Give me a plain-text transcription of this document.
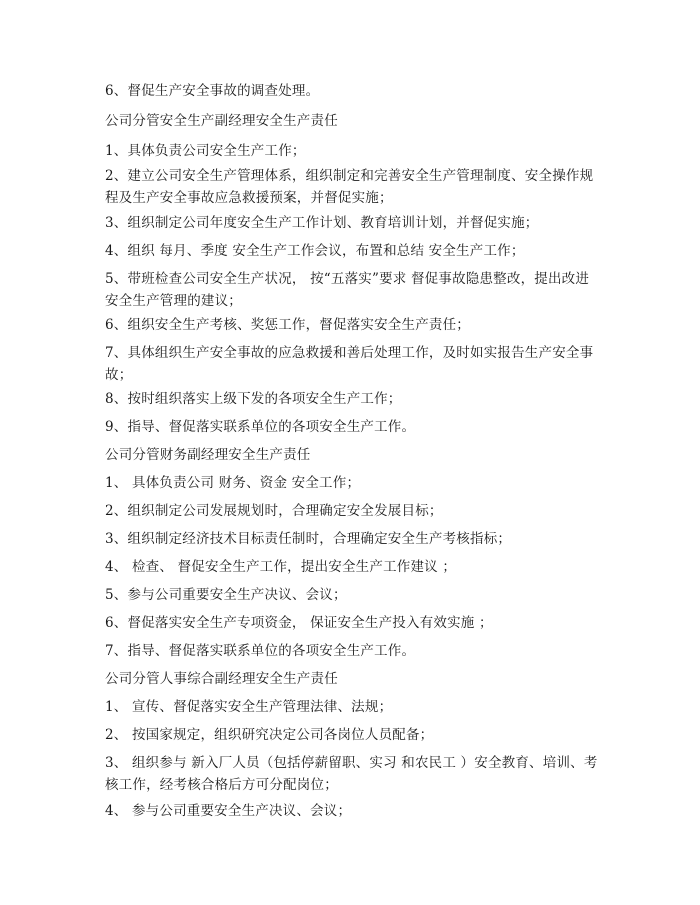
6、督促生产安全事故的调查处理。
公司分管安全生产副经理安全生产责任
1、具体负责公司安全生产工作；
2、建立公司安全生产管理体系，组织制定和完善安全生产管理制度、安全操作规程及生产安全事故应急救援预案，并督促实施；
3、组织制定公司年度安全生产工作计划、教育培训计划，并督促实施；
4、组织 每月、季度 安全生产工作会议，布置和总结 安全生产工作；
5、带班检查公司安全生产状况， 按“五落实”要求 督促事故隐患整改，提出改进安全生产管理的建议；
6、组织安全生产考核、奖惩工作，督促落实安全生产责任；
7、具体组织生产安全事故的应急救援和善后处理工作，及时如实报告生产安全事故；
8、按时组织落实上级下发的各项安全生产工作；
9、指导、督促落实联系单位的各项安全生产工作。
公司分管财务副经理安全生产责任
1、 具体负责公司 财务、资金 安全工作；
2、组织制定公司发展规划时，合理确定安全发展目标；
3、组织制定经济技术目标责任制时，合理确定安全生产考核指标；
4、 检查、 督促安全生产工作，提出安全生产工作建议 ；
5、参与公司重要安全生产决议、会议；
6、督促落实安全生产专项资金， 保证安全生产投入有效实施 ；
7、指导、督促落实联系单位的各项安全生产工作。
公司分管人事综合副经理安全生产责任
1、 宣传、督促落实安全生产管理法律、法规；
2、 按国家规定，组织研究决定公司各岗位人员配备；
3、 组织参与 新入厂人员（包括停薪留职、实习 和农民工 ）安全教育、培训、考核工作，经考核合格后方可分配岗位；
4、 参与公司重要安全生产决议、会议；
